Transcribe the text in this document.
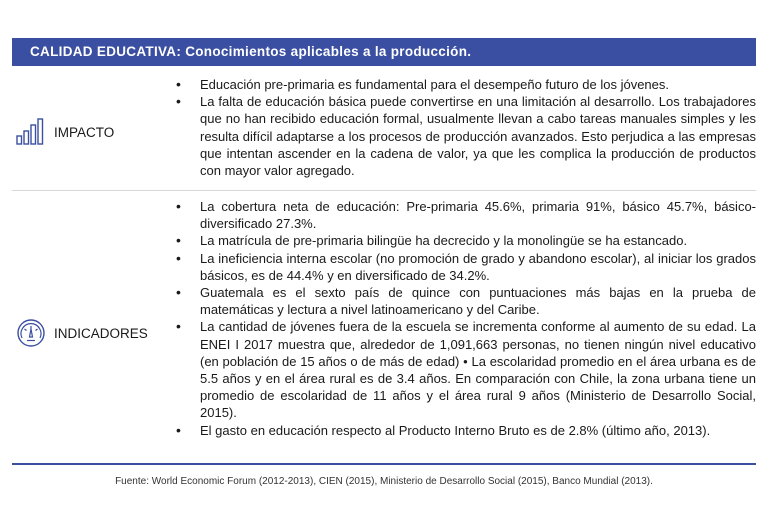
CALIDAD EDUCATIVA: Conocimientos aplicables a la producción.
IMPACTO
• Educación pre-primaria es fundamental para el desempeño futuro de los jóvenes.
• La falta de educación básica puede convertirse en una limitación al desarrollo. Los trabajadores que no han recibido educación formal, usualmente llevan a cabo tareas manuales simples y les resulta difícil adaptarse a los procesos de producción avanzados. Esto perjudica a las empresas que intentan ascender en la cadena de valor, ya que les complica la producción de productos con mayor valor agregado.
INDICADORES
• La cobertura neta de educación: Pre-primaria 45.6%, primaria 91%, básico 45.7%, básico-diversificado 27.3%.
• La matrícula de pre-primaria bilingüe ha decrecido y la monolingüe se ha estancado.
• La ineficiencia interna escolar (no promoción de grado y abandono escolar), al iniciar los grados básicos, es de 44.4% y en diversificado de 34.2%.
• Guatemala es el sexto país de quince con puntuaciones más bajas en la prueba de matemáticas y lectura a nivel latinoamericano y del Caribe.
• La cantidad de jóvenes fuera de la escuela se incrementa conforme al aumento de su edad. La ENEI I 2017 muestra que, alrededor de 1,091,663 personas, no tienen ningún nivel educativo (en población de 15 años o de más de edad) • La escolaridad promedio en el área urbana es de 5.5 años y en el área rural es de 3.4 años. En comparación con Chile, la zona urbana tiene un promedio de escolaridad de 11 años y el área rural 9 años (Ministerio de Desarrollo Social, 2015).
• El gasto en educación respecto al Producto Interno Bruto es de 2.8% (último año, 2013).
Fuente: World Economic Forum (2012-2013), CIEN (2015), Ministerio de Desarrollo Social (2015), Banco Mundial (2013).
